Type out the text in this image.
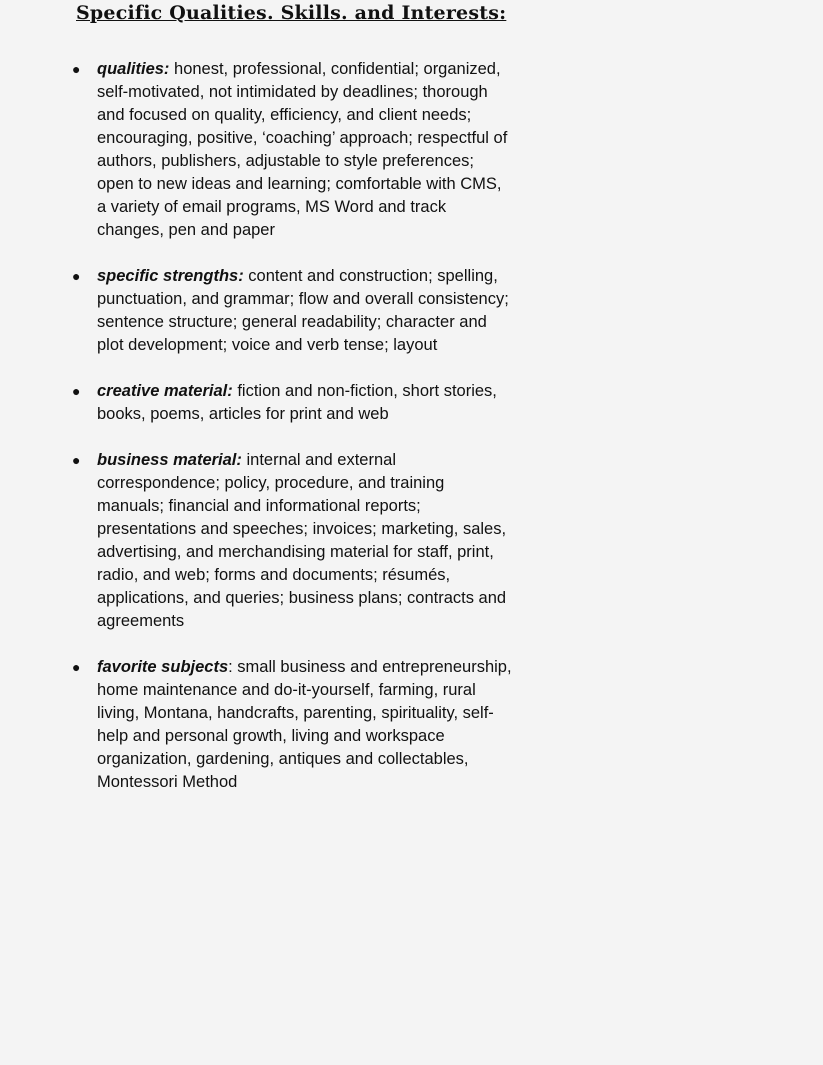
Specific Qualities. Skills. and Interests:
● qualities: honest, professional, confidential; organized,
self-motivated, not intimidated by deadlines; thorough
and focused on quality, efficiency, and client needs;
encouraging, positive, ‘coaching’ approach; respectful of
authors, publishers, adjustable to style preferences;
open to new ideas and learning; comfortable with CMS,
a variety of email programs, MS Word and track
changes, pen and paper
● specific strengths: content and construction; spelling,
punctuation, and grammar; flow and overall consistency;
sentence structure; general readability; character and
plot development; voice and verb tense; layout
● creative material: fiction and non-fiction, short stories,
books, poems, articles for print and web
● business material: internal and external
correspondence; policy, procedure, and training
manuals; financial and informational reports;
presentations and speeches; invoices; marketing, sales,
advertising, and merchandising material for staff, print,
radio, and web; forms and documents; résumés,
applications, and queries; business plans; contracts and
agreements
● favorite subjects: small business and entrepreneurship,
home maintenance and do-it-yourself, farming, rural
living, Montana, handcrafts, parenting, spirituality, self-
help and personal growth, living and workspace
organization, gardening, antiques and collectables,
Montessori Method
